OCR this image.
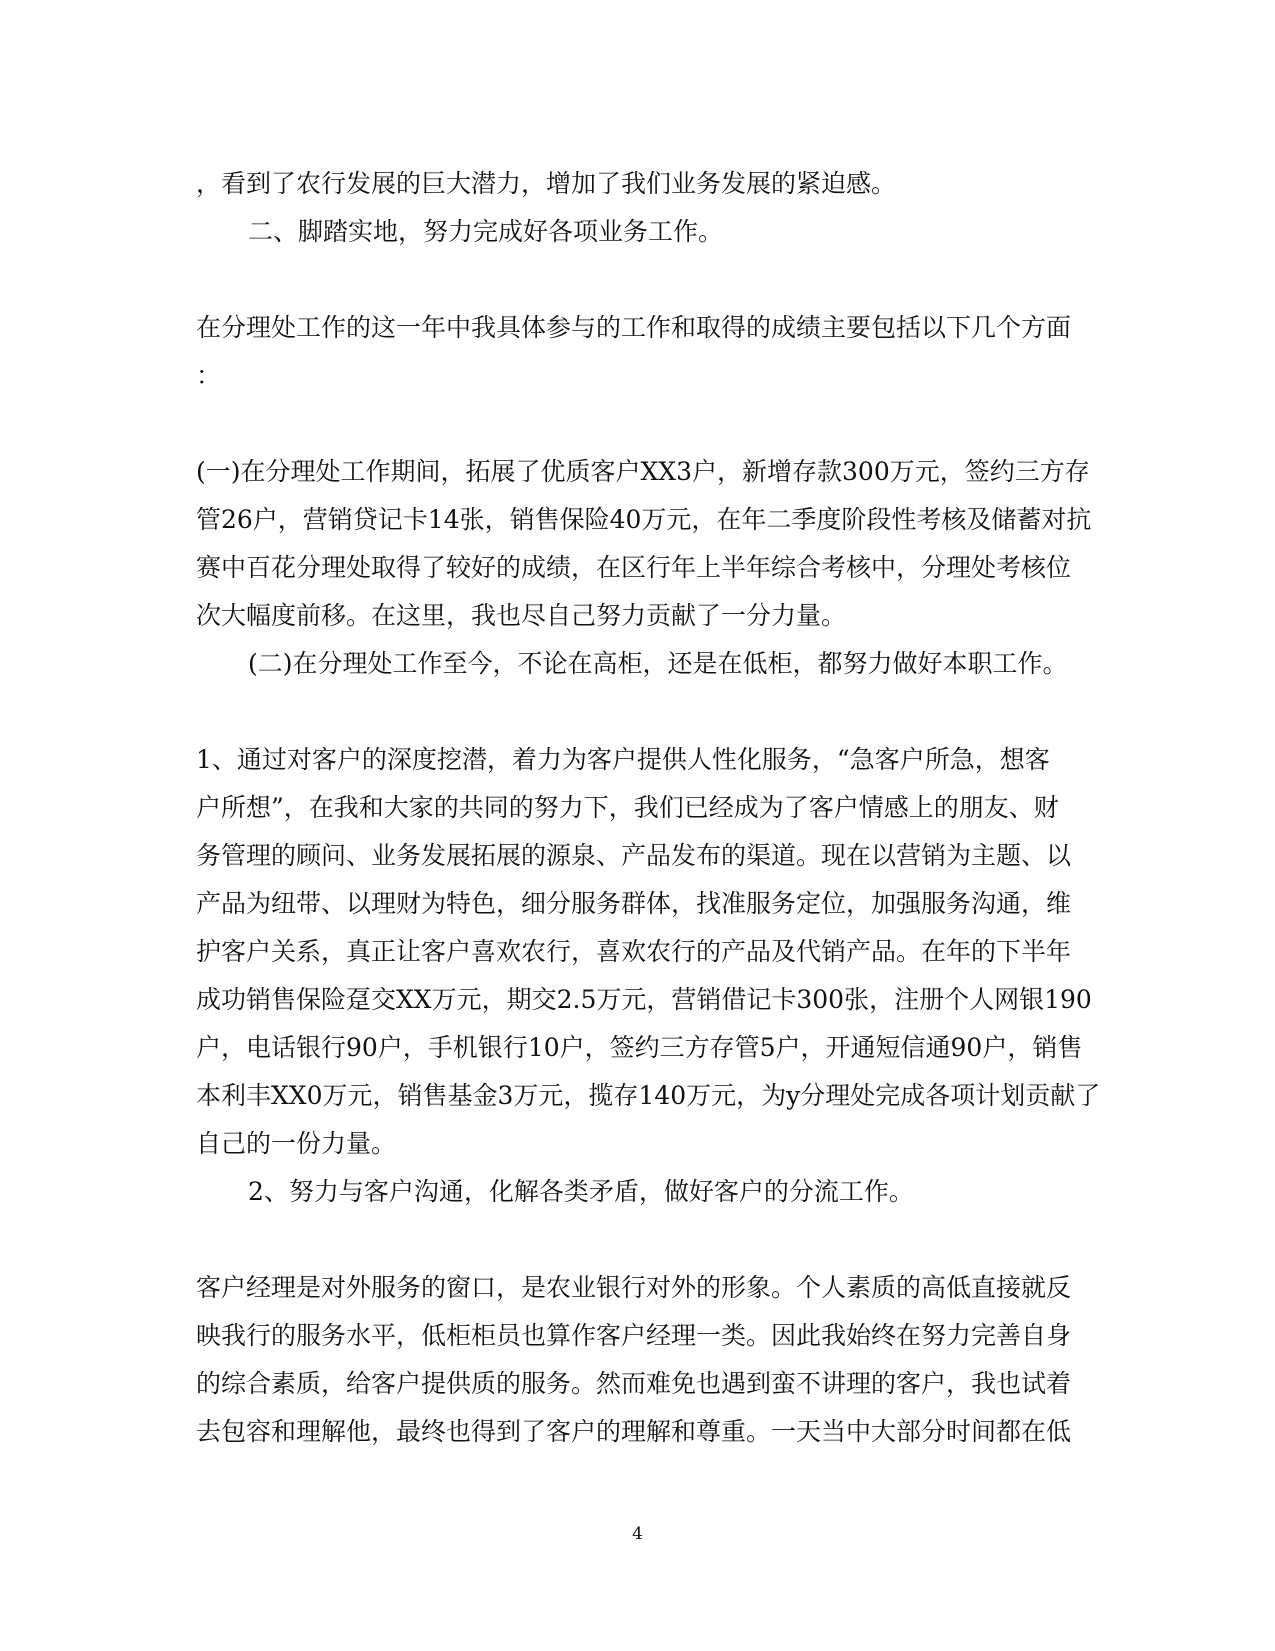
，看到了农行发展的巨大潜力，增加了我们业务发展的紧迫感。

二、脚踏实地，努力完成好各项业务工作。

在分理处工作的这一年中我具体参与的工作和取得的成绩主要包括以下几个方面

：

(一)在分理处工作期间，拓展了优质客户XX3户，新增存款300万元，签约三方存

管26户，营销贷记卡14张，销售保险40万元，在年二季度阶段性考核及储蓄对抗

赛中百花分理处取得了较好的成绩，在区行年上半年综合考核中，分理处考核位

次大幅度前移。在这里，我也尽自己努力贡献了一分力量。

(二)在分理处工作至今，不论在高柜，还是在低柜，都努力做好本职工作。

1、通过对客户的深度挖潜，着力为客户提供人性化服务，“急客户所急，想客

户所想”，在我和大家的共同的努力下，我们已经成为了客户情感上的朋友、财

务管理的顾问、业务发展拓展的源泉、产品发布的渠道。现在以营销为主题、以

产品为纽带、以理财为特色，细分服务群体，找准服务定位，加强服务沟通，维

护客户关系，真正让客户喜欢农行，喜欢农行的产品及代销产品。在年的下半年

成功销售保险趸交XX万元，期交2.5万元，营销借记卡300张，注册个人网银190

户，电话银行90户，手机银行10户，签约三方存管5户，开通短信通90户，销售

本利丰XX0万元，销售基金3万元，揽存140万元，为y分理处完成各项计划贡献了

自己的一份力量。

2、努力与客户沟通，化解各类矛盾，做好客户的分流工作。

客户经理是对外服务的窗口，是农业银行对外的形象。个人素质的高低直接就反

映我行的服务水平，低柜柜员也算作客户经理一类。因此我始终在努力完善自身

的综合素质，给客户提供质的服务。然而难免也遇到蛮不讲理的客户，我也试着

去包容和理解他，最终也得到了客户的理解和尊重。一天当中大部分时间都在低

4
